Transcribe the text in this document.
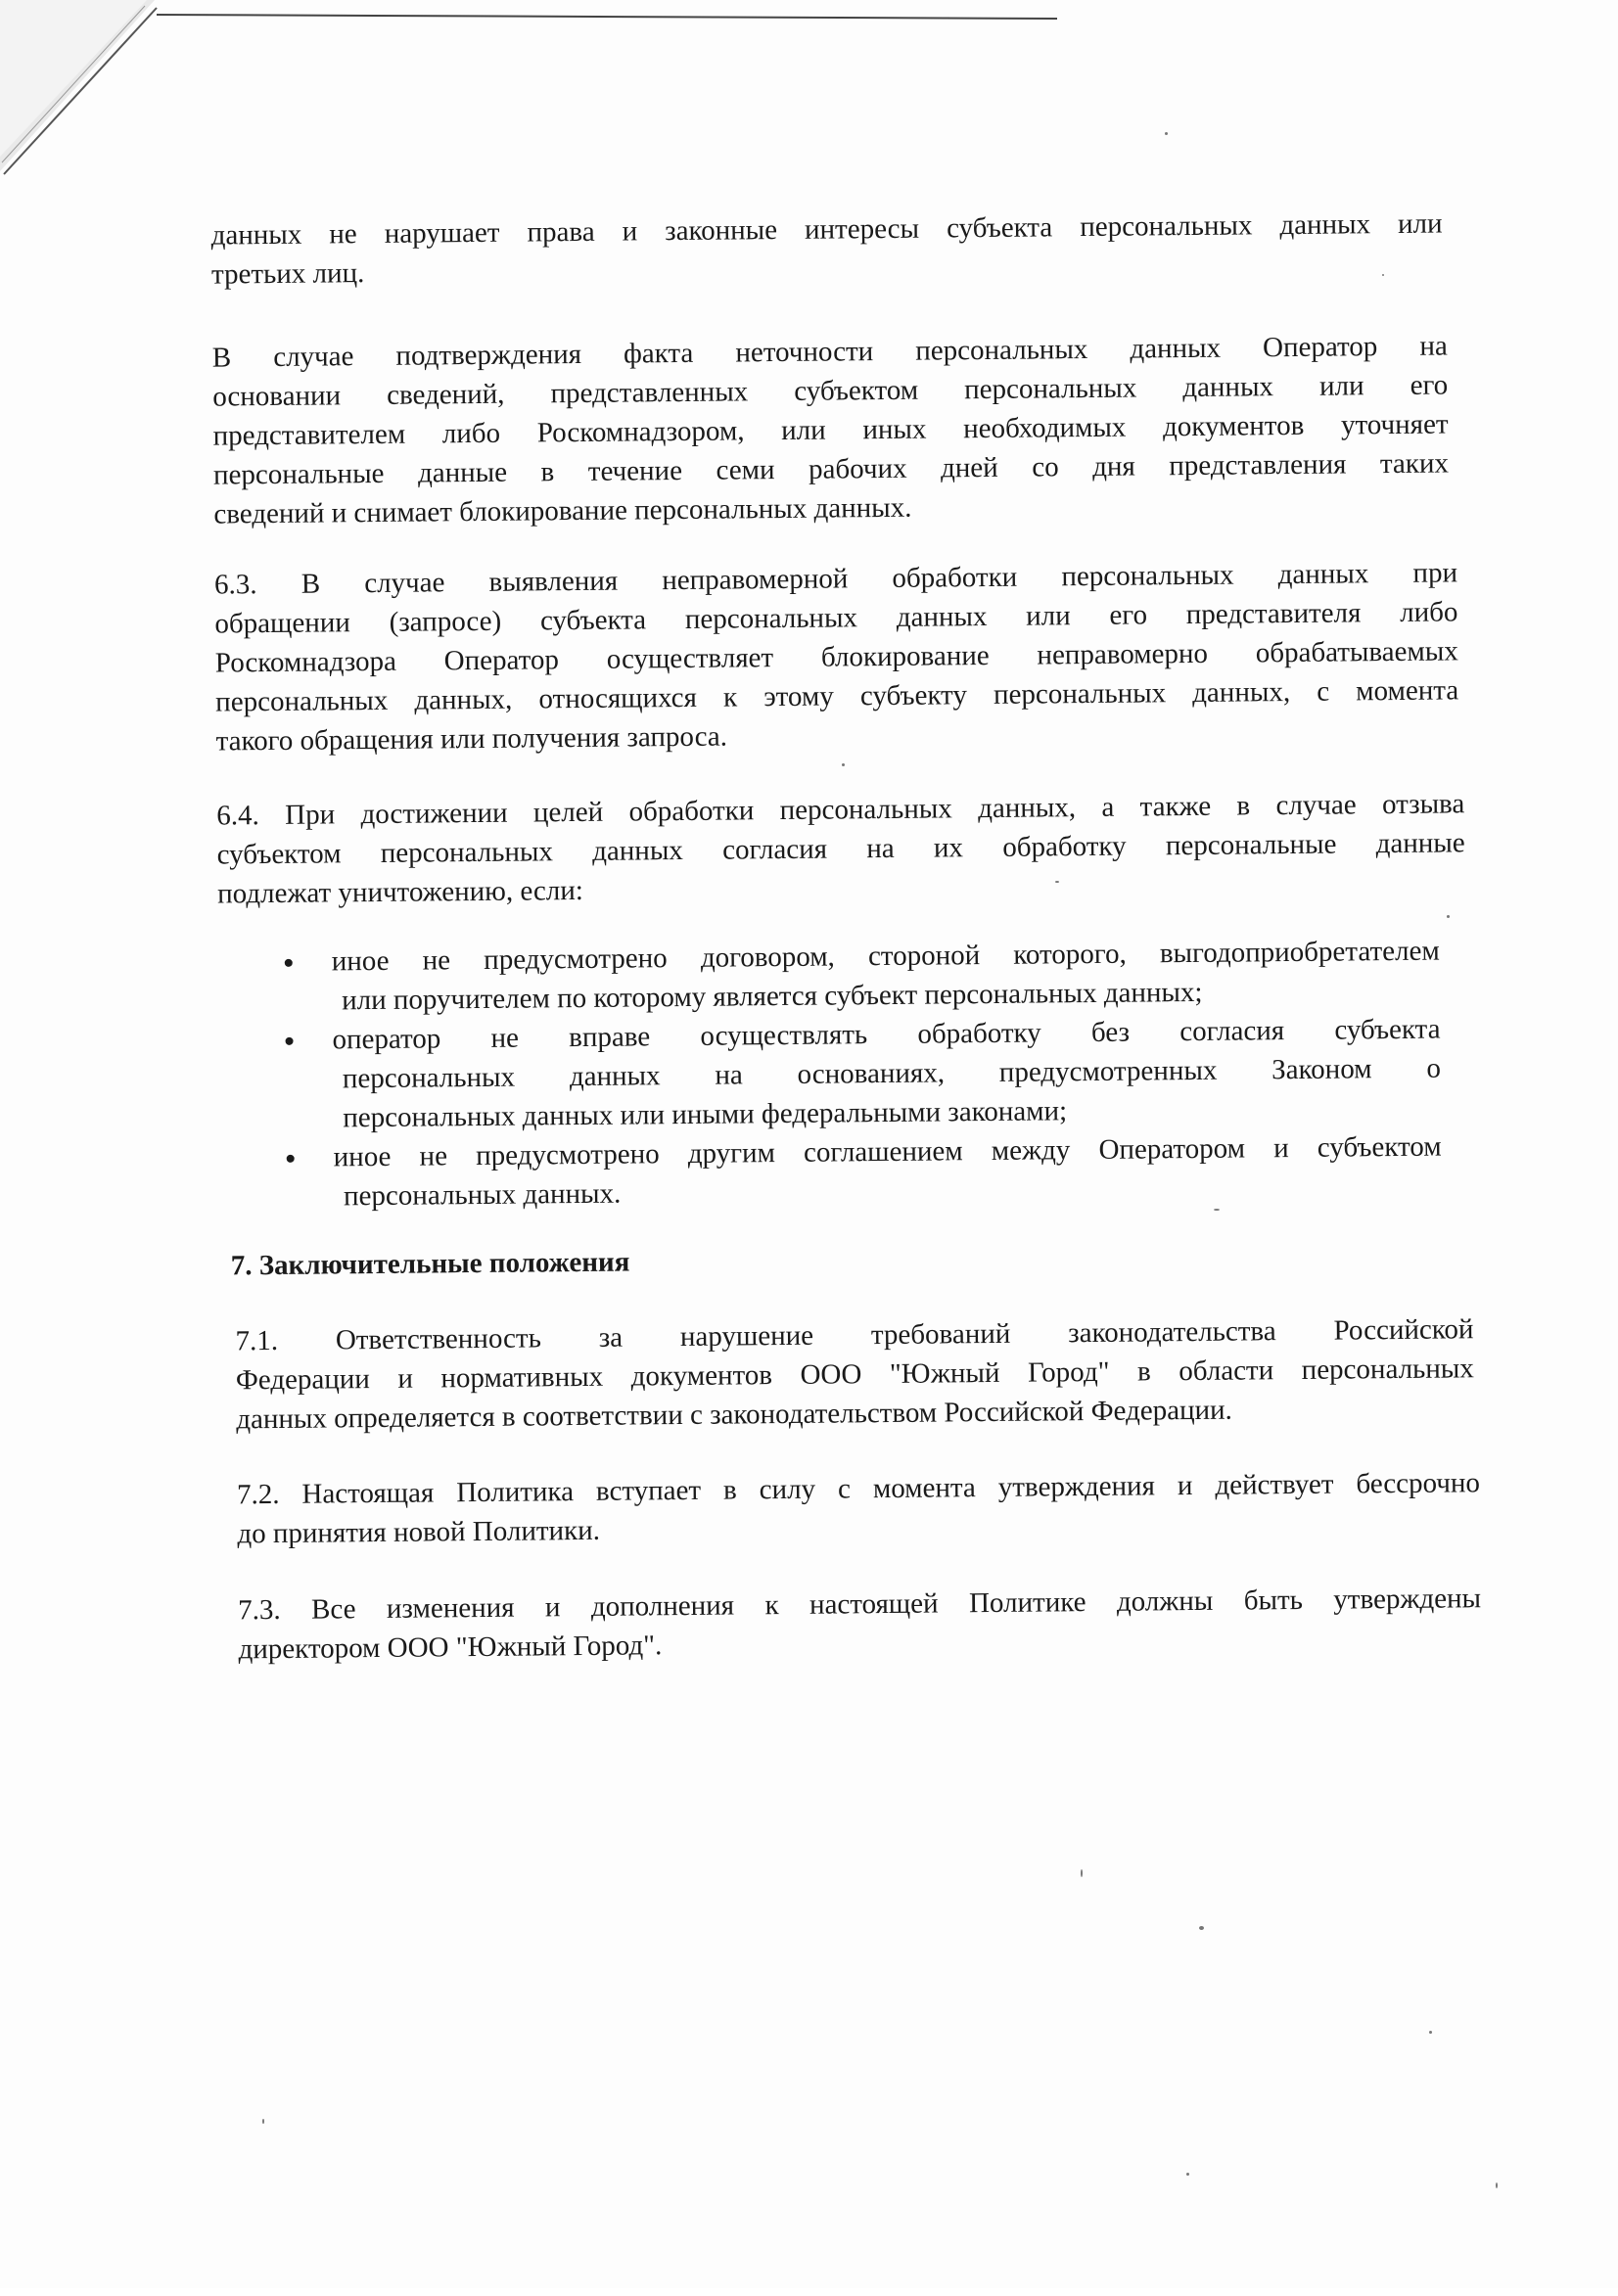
данных не нарушает права и законные интересы субъекта персональных данных или
третьих лиц.
В случае подтверждения факта неточности персональных данных Оператор на
основании сведений, представленных субъектом персональных данных или его
представителем либо Роскомнадзором, или иных необходимых документов уточняет
персональные данные в течение семи рабочих дней со дня представления таких
сведений и снимает блокирование персональных данных.
6.3. В случае выявления неправомерной обработки персональных данных при
обращении (запросе) субъекта персональных данных или его представителя либо
Роскомнадзора Оператор осуществляет блокирование неправомерно обрабатываемых
персональных данных, относящихся к этому субъекту персональных данных, с момента
такого обращения или получения запроса.
6.4. При достижении целей обработки персональных данных, а также в случае отзыва
субъектом персональных данных согласия на их обработку персональные данные
подлежат уничтожению, если:
иное не предусмотрено договором, стороной которого, выгодоприобретателем
или поручителем по которому является субъект персональных данных;
оператор не вправе осуществлять обработку без согласия субъекта
персональных данных на основаниях, предусмотренных Законом о
персональных данных или иными федеральными законами;
иное не предусмотрено другим соглашением между Оператором и субъектом
персональных данных.
7. Заключительные положения
7.1. Ответственность за нарушение требований законодательства Российской
Федерации и нормативных документов ООО "Южный Город" в области персональных
данных определяется в соответствии с законодательством Российской Федерации.
7.2. Настоящая Политика вступает в силу с момента утверждения и действует бессрочно
до принятия новой Политики.
7.3. Все изменения и дополнения к настоящей Политике должны быть утверждены
директором ООО "Южный Город".
